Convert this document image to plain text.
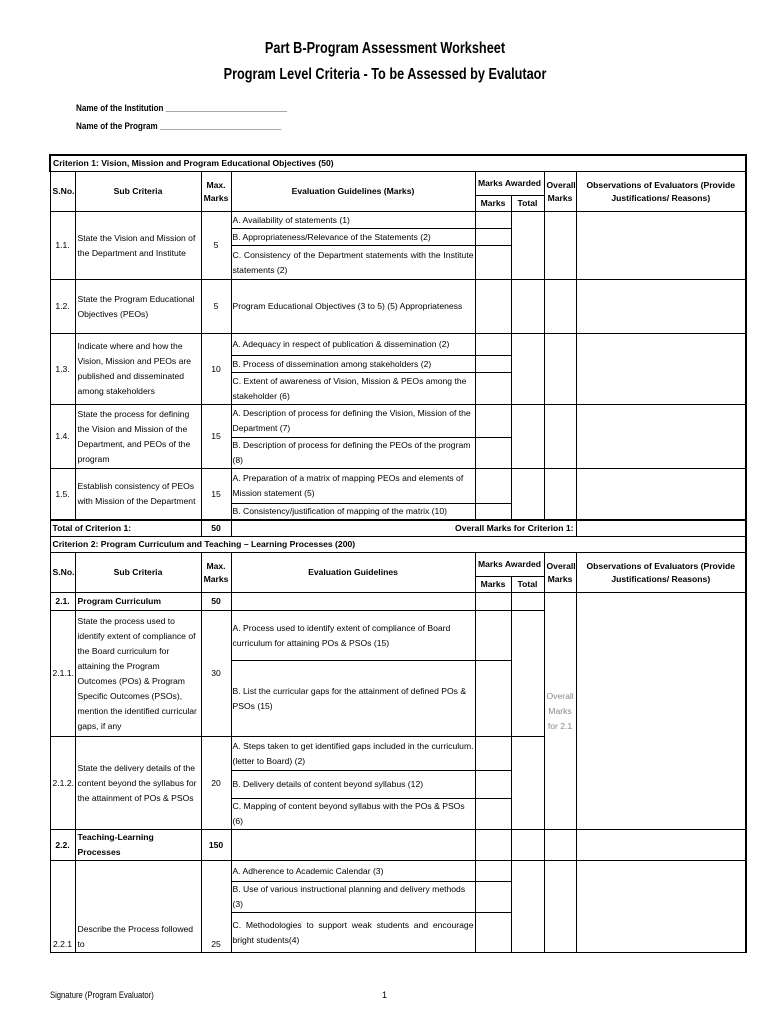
Part B-Program Assessment Worksheet
Program Level Criteria - To be Assessed by Evalutaor
Name of the Institution ___________________________
Name of the Program ___________________________
Criterion 1: Vision, Mission and Program Educational Objectives (50)							
S.No.	Sub Criteria	Max. Marks	Evaluation Guidelines (Marks)	Marks Awarded		Overall Marks	Observations of Evaluators (Provide Justifications/ Reasons)
				Marks	Total		
1.1.	State the Vision and Mission of the Department and Institute	5	A. Availability of statements (1)				
			B. Appropriateness/Relevance of the Statements (2)				
			C. Consistency of the Department statements with the Institute statements (2)				
1.2.	State the Program Educational Objectives (PEOs)	5	Program Educational Objectives (3 to 5) (5) Appropriateness				
1.3.	Indicate where and how the Vision, Mission and PEOs are published and disseminated among stakeholders	10	A. Adequacy in respect of publication & dissemination (2)				
			B. Process of dissemination among stakeholders (2)				
			C. Extent of awareness of Vision, Mission & PEOs among the stakeholder (6)				
1.4.	State the process for defining the Vision and Mission of the Department, and PEOs of the program	15	A. Description of process for defining the Vision, Mission of the Department (7)				
			B. Description of process for defining the PEOs of the program (8)				
1.5.	Establish consistency of PEOs with Mission of the Department	15	A. Preparation of a matrix of mapping PEOs and elements of Mission statement (5)				
			B. Consistency/justification of mapping of the matrix (10)				
Total of Criterion 1:		50	Overall Marks for Criterion 1:				
Criterion 2: Program Curriculum and Teaching – Learning Processes (200)							
S.No.	Sub Criteria	Max. Marks	Evaluation Guidelines	Marks Awarded		Overall Marks	Observations of Evaluators (Provide Justifications/ Reasons)
				Marks	Total		
2.1.	Program Curriculum	50				Overall Marks for 2.1	
2.1.1.	State the process used to identify extent of compliance of the Board curriculum for attaining the Program Outcomes (POs) & Program Specific Outcomes (PSOs), mention the identified curricular gaps, if any	30	A. Process used to identify extent of compliance of Board curriculum for attaining POs & PSOs (15)				
			B. List the curricular gaps for the attainment of defined POs & PSOs (15)				
2.1.2.	State the delivery details of the content beyond the syllabus for the attainment of POs & PSOs	20	A. Steps taken to get identified gaps included in the curriculum.(letter to Board) (2)				
			B. Delivery details of content beyond syllabus (12)				
			C. Mapping of content beyond syllabus with the POs & PSOs (6)				
2.2.	Teaching-Learning Processes	150					
2.2.1	Describe the Process followed to	25	A. Adherence to Academic Calendar (3)				
			B. Use of various instructional planning and delivery methods (3)				
			C. Methodologies to support weak students and encourage bright students(4)				
Signature (Program Evaluator)	1
